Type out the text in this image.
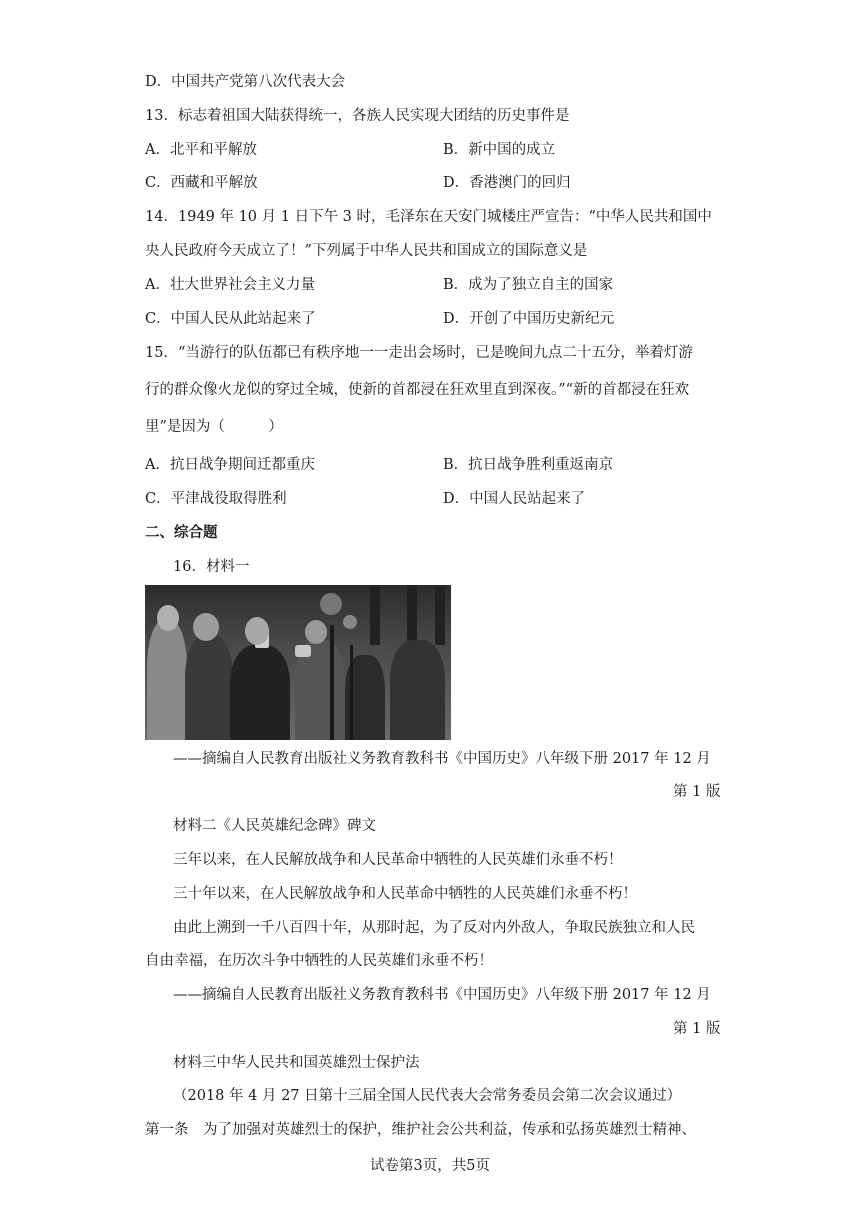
D．中国共产党第八次代表大会
13．标志着祖国大陆获得统一，各族人民实现大团结的历史事件是
A．北平和平解放	B．新中国的成立
C．西藏和平解放	D．香港澳门的回归
14．1949 年 10 月 1 日下午 3 时，毛泽东在天安门城楼庄严宣告：“中华人民共和国中
央人民政府今天成立了！”下列属于中华人民共和国成立的国际意义是
A．壮大世界社会主义力量	B．成为了独立自主的国家
C．中国人民从此站起来了	D．开创了中国历史新纪元
15．“当游行的队伍都已有秩序地一一走出会场时，已是晚间九点二十五分，举着灯游
行的群众像火龙似的穿过全城，使新的首都浸在狂欢里直到深夜。”“新的首都浸在狂欢
里”是因为（　　　）
A．抗日战争期间迁都重庆	B．抗日战争胜利重返南京
C．平津战役取得胜利	D．中国人民站起来了
二、综合题
16．材料一
——摘编自人民教育出版社义务教育教科书《中国历史》八年级下册 2017 年 12 月
第 1 版
材料二《人民英雄纪念碑》碑文
三年以来，在人民解放战争和人民革命中牺牲的人民英雄们永垂不朽！
三十年以来，在人民解放战争和人民革命中牺牲的人民英雄们永垂不朽！
由此上溯到一千八百四十年，从那时起，为了反对内外敌人，争取民族独立和人民
自由幸福，在历次斗争中牺牲的人民英雄们永垂不朽！
——摘编自人民教育出版社义务教育教科书《中国历史》八年级下册 2017 年 12 月
第 1 版
材料三中华人民共和国英雄烈士保护法
（2018 年 4 月 27 日第十三届全国人民代表大会常务委员会第二次会议通过）
第一条　为了加强对英雄烈士的保护，维护社会公共利益，传承和弘扬英雄烈士精神、
试卷第3页，共5页
